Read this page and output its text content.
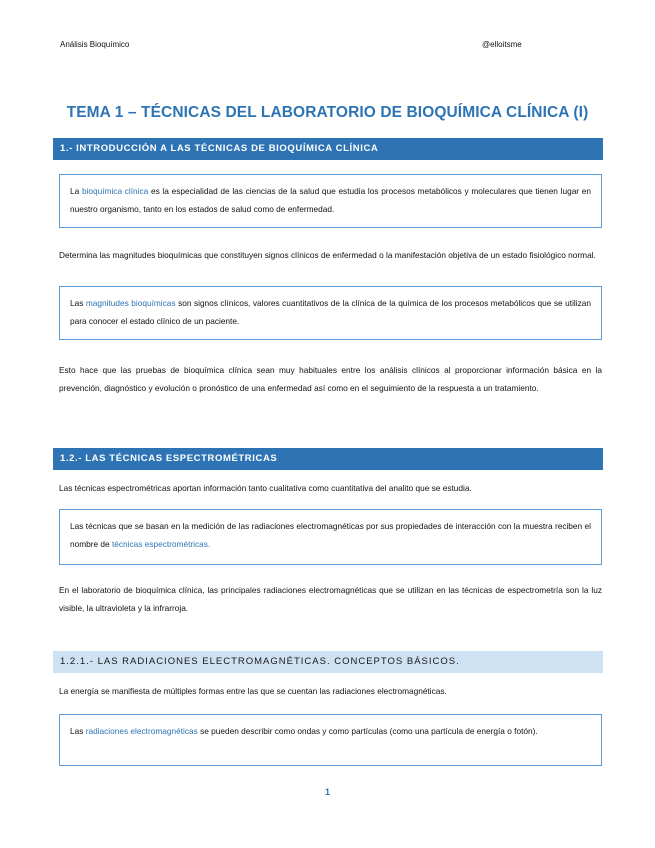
Análisis Bioquímico	@elloitsme
TEMA 1 – TÉCNICAS DEL LABORATORIO DE BIOQUÍMICA CLÍNICA (I)
1.- INTRODUCCIÓN A LAS TÉCNICAS DE BIOQUÍMICA CLÍNICA
La bioquímica clínica es la especialidad de las ciencias de la salud que estudia los procesos metabólicos y moleculares que tienen lugar en nuestro organismo, tanto en los estados de salud como de enfermedad.
Determina las magnitudes bioquímicas que constituyen signos clínicos de enfermedad o la manifestación objetiva de un estado fisiológico normal.
Las magnitudes bioquímicas son signos clínicos, valores cuantitativos de la clínica de la química de los procesos metabólicos que se utilizan para conocer el estado clínico de un paciente.
Esto hace que las pruebas de bioquímica clínica sean muy habituales entre los análisis clínicos al proporcionar información básica en la prevención, diagnóstico y evolución o pronóstico de una enfermedad así como en el seguimiento de la respuesta a un tratamiento.
1.2.- LAS TÉCNICAS ESPECTROMÉTRICAS
Las técnicas espectrométricas aportan información tanto cualitativa como cuantitativa del analito que se estudia.
Las técnicas que se basan en la medición de las radiaciones electromagnéticas por sus propiedades de interacción con la muestra reciben el nombre de técnicas espectrométricas.
En el laboratorio de bioquímica clínica, las principales radiaciones electromagnéticas que se utilizan en las técnicas de espectrometría son la luz visible, la ultravioleta y la infrarroja.
1.2.1.- LAS RADIACIONES ELECTROMAGNÉTICAS. CONCEPTOS BÁSICOS.
La energía se manifiesta de múltiples formas entre las que se cuentan las radiaciones electromagnéticas.
Las radiaciones electromagnéticas se pueden describir como ondas y como partículas (como una partícula de energía o fotón).
1
